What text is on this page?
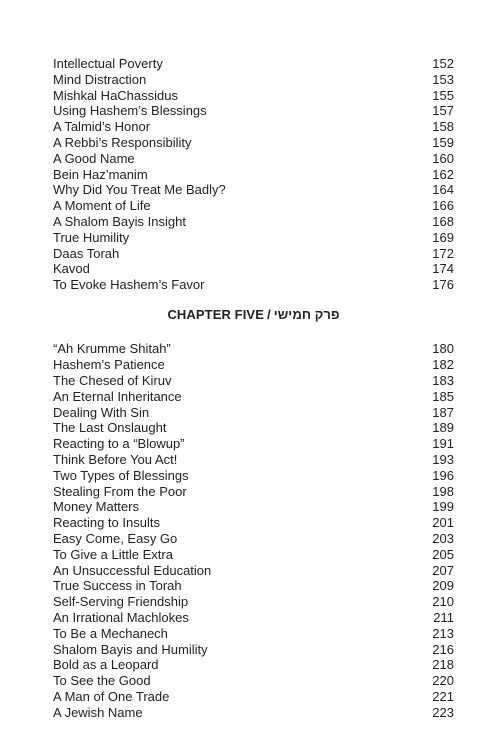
Intellectual Poverty	152
Mind Distraction	153
Mishkal HaChassidus	155
Using Hashem’s Blessings	157
A Talmid’s Honor	158
A Rebbi’s Responsibility	159
A Good Name	160
Bein Haz’manim	162
Why Did You Treat Me Badly?	164
A Moment of Life	166
A Shalom Bayis Insight	168
True Humility	169
Daas Torah	172
Kavod	174
To Evoke Hashem’s Favor	176
CHAPTER FIVE / פרק חמישי
“Ah Krumme Shitah”	180
Hashem’s Patience	182
The Chesed of Kiruv	183
An Eternal Inheritance	185
Dealing With Sin	187
The Last Onslaught	189
Reacting to a “Blowup”	191
Think Before You Act!	193
Two Types of Blessings	196
Stealing From the Poor	198
Money Matters	199
Reacting to Insults	201
Easy Come, Easy Go	203
To Give a Little Extra	205
An Unsuccessful Education	207
True Success in Torah	209
Self-Serving Friendship	210
An Irrational Machlokes	211
To Be a Mechanech	213
Shalom Bayis and Humility	216
Bold as a Leopard	218
To See the Good	220
A Man of One Trade	221
A Jewish Name	223
